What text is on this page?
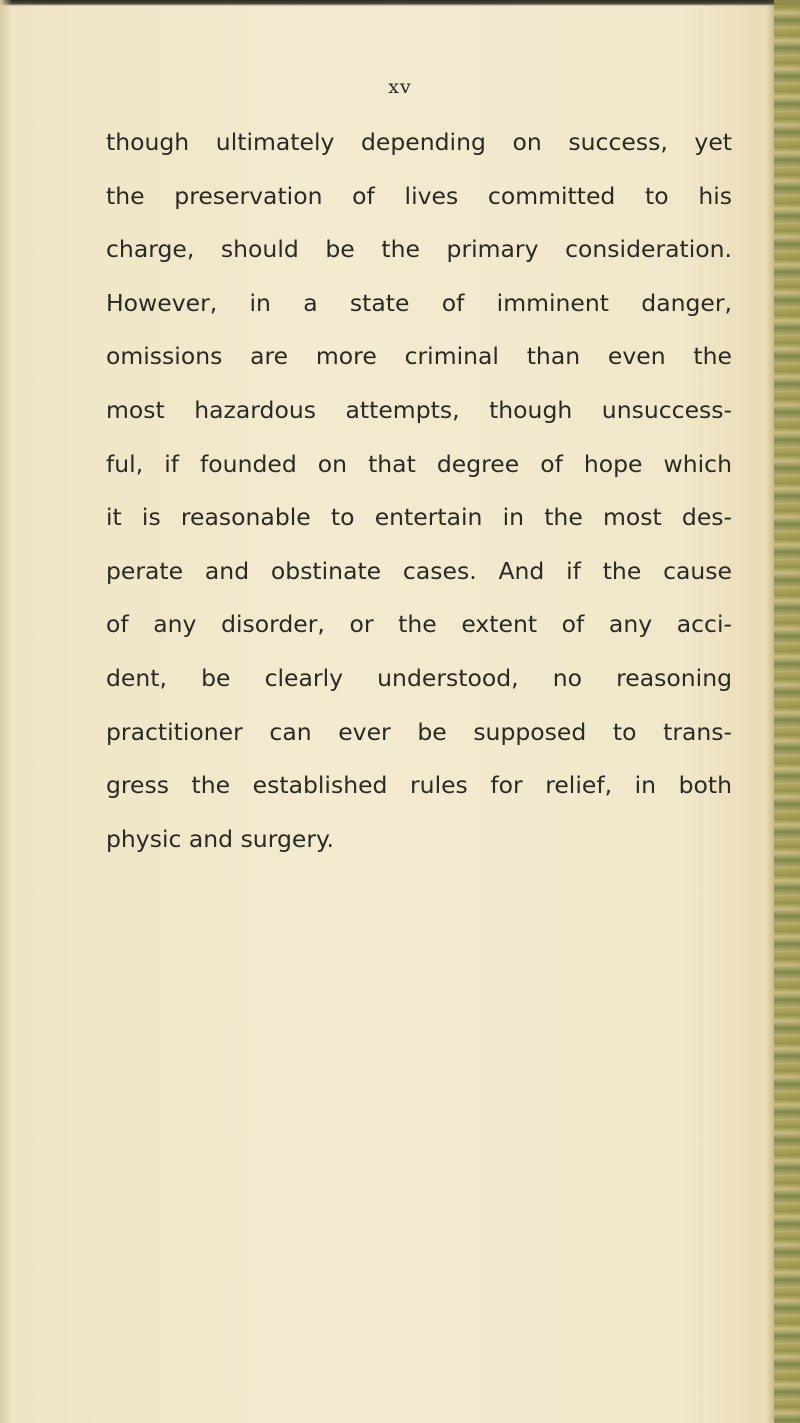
xv
though ultimately depending on success, yet
the preservation of lives committed to his
charge, should be the primary consideration.
However, in a state of imminent danger,
omissions are more criminal than even the
most hazardous attempts, though unsuccess-
ful, if founded on that degree of hope which
it is reasonable to entertain in the most des-
perate and obstinate cases. And if the cause
of any disorder, or the extent of any acci-
dent, be clearly understood, no reasoning
practitioner can ever be supposed to trans-
gress the established rules for relief, in both
physic and surgery.
